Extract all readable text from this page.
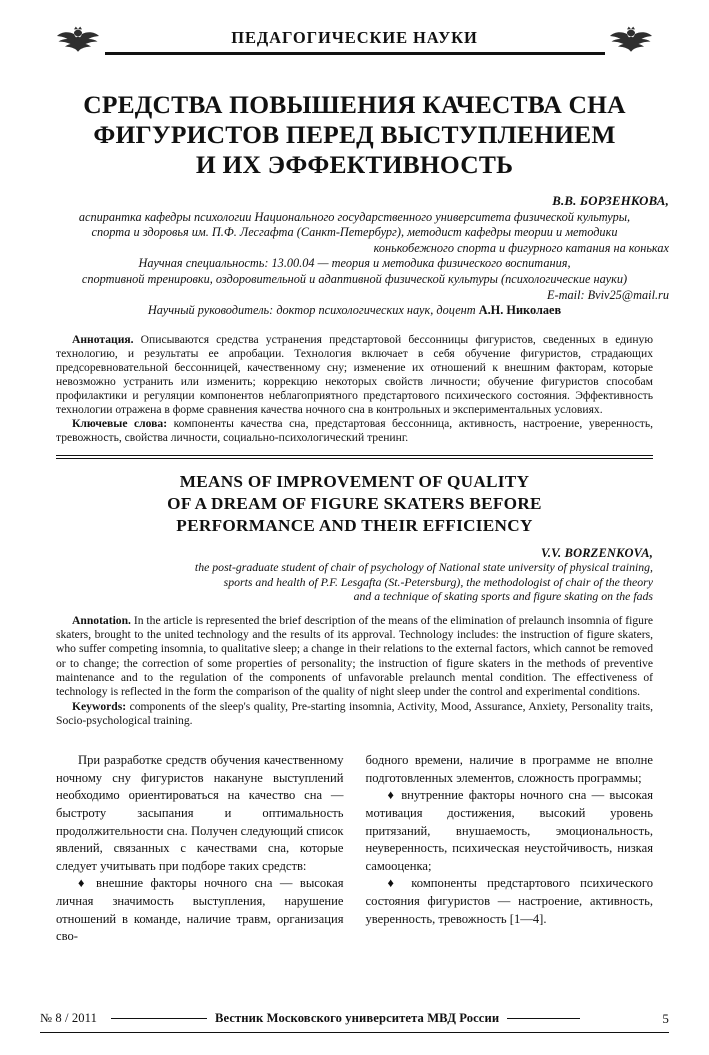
ПЕДАГОГИЧЕСКИЕ НАУКИ
СРЕДСТВА ПОВЫШЕНИЯ КАЧЕСТВА СНА
ФИГУРИСТОВ ПЕРЕД ВЫСТУПЛЕНИЕМ
И ИХ ЭФФЕКТИВНОСТЬ
В.В. БОРЗЕНКОВА,
аспирантка кафедры психологии Национального государственного университета физической культуры,
спорта и здоровья им. П.Ф. Лесгафта (Санкт-Петербург), методист кафедры теории и методики
конькобежного спорта и фигурного катания на коньках
Научная специальность: 13.00.04 — теория и методика физического воспитания,
спортивной тренировки, оздоровительной и адаптивной физической культуры (психологические науки)
E-mail: Bviv25@mail.ru
Научный руководитель: доктор психологических наук, доцент А.Н. Николаев

Аннотация. Описываются средства устранения предстартовой бессонницы фигуристов, сведенных в единую технологию, и результаты ее апробации. Технология включает в себя обучение фигуристов, страдающих предсоревновательной бессонницей, качественному сну; изменение их отношений к внешним факторам, которые невозможно устранить или изменить; коррекцию некоторых свойств личности; обучение фигуристов способам профилактики и регуляции компонентов неблагоприятного предстартового психического состояния. Эффективность технологии отражена в форме сравнения качества ночного сна в контрольных и экспериментальных условиях.

Ключевые слова: компоненты качества сна, предстартовая бессонница, активность, настроение, уверенность, тревожность, свойства личности, социально-психологический тренинг.

MEANS OF IMPROVEMENT OF QUALITY
OF A DREAM OF FIGURE SKATERS BEFORE
PERFORMANCE AND THEIR EFFICIENCY
V.V. BORZENKOVA,
the post-graduate student of chair of psychology of National state university of physical training,
sports and health of P.F. Lesgafta (St.-Petersburg), the methodologist of chair of the theory
and a technique of skating sports and figure skating on the fads

Annotation. In the article is represented the brief description of the means of the elimination of prelaunch insomnia of figure skaters, brought to the united technology and the results of its approval. Technology includes: the instruction of figure skaters, who suffer competing insomnia, to qualitative sleep; a change in their relations to the external factors, which cannot be removed or to change; the correction of some properties of personality; the instruction of figure skaters in the methods of preventive maintenance and to the regulation of the components of unfavorable prelaunch mental condition. The effectiveness of technology is reflected in the form the comparison of the quality of night sleep under the control and experimental conditions.

Keywords: components of the sleep's quality, Pre-starting insomnia, Activity, Mood, Assurance, Anxiety, Personality traits, Socio-psychological training.

При разработке средств обучения качественному ночному сну фигуристов накануне выступлений необходимо ориентироваться на качество сна — быстроту засыпания и оптимальность продолжительности сна. Получен следующий список явлений, связанных с качествами сна, которые следует учитывать при подборе таких средств:

♦ внешние факторы ночного сна — высокая личная значимость выступления, нарушение отношений в команде, наличие травм, организация сво-

бодного времени, наличие в программе не вполне подготовленных элементов, сложность программы;

♦ внутренние факторы ночного сна — высокая мотивация достижения, высокий уровень притязаний, внушаемость, эмоциональность, неуверенность, психическая неустойчивость, низкая самооценка;

♦ компоненты предстартового психического состояния фигуристов — настроение, активность, уверенность, тревожность [1—4].

№ 8 / 2011	Вестник Московского университета МВД России	5
